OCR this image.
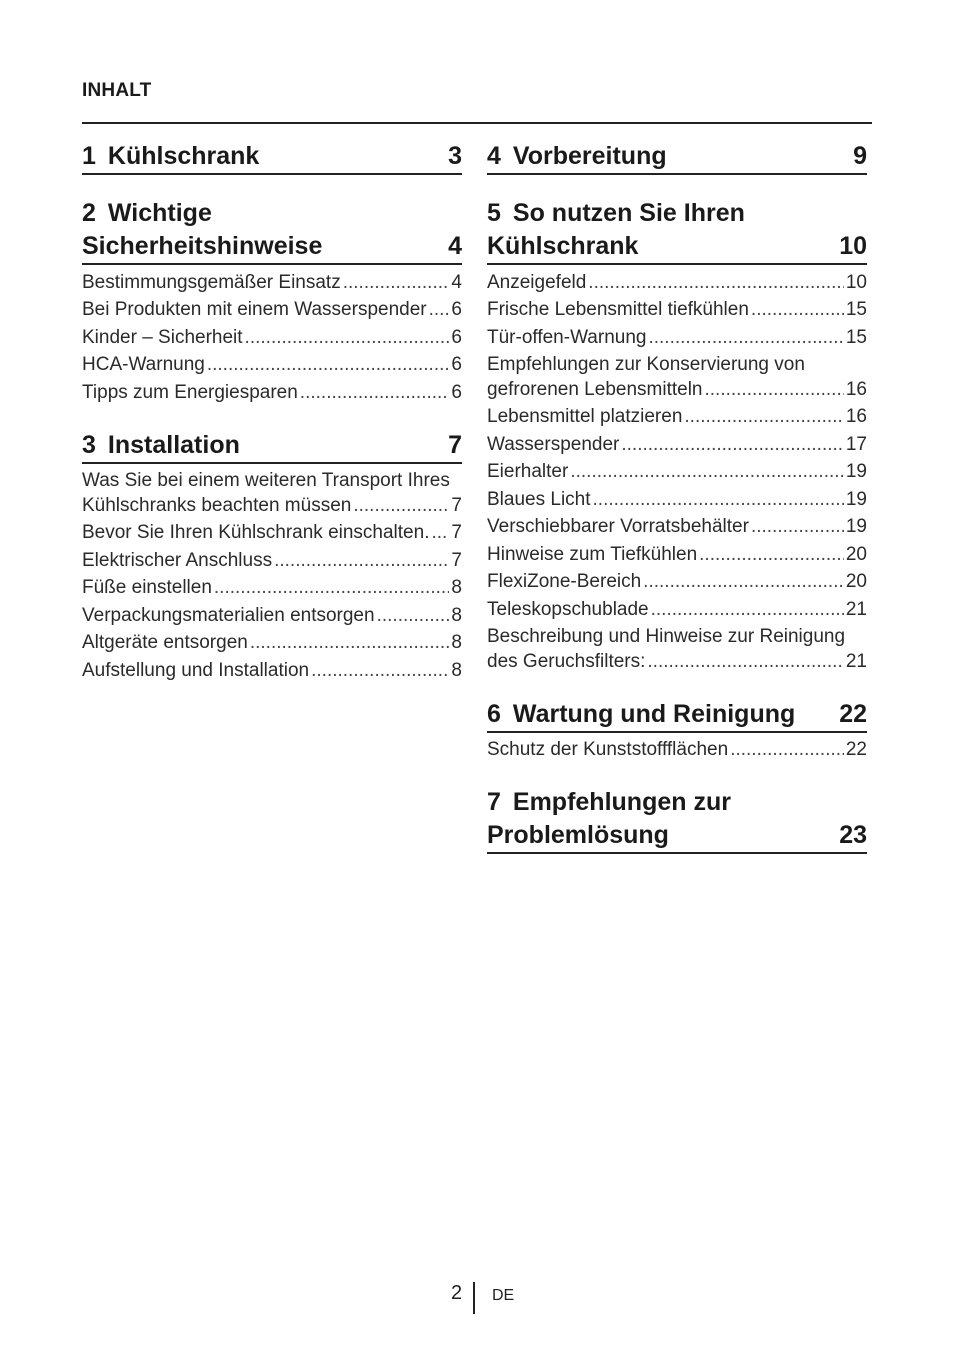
INHALT
1 Kühlschrank	3
2 Wichtige
Sicherheitshinweise	4
Bestimmungsgemäßer Einsatz .....	4
Bei Produkten mit einem Wasserspender ..... 6
Kinder – Sicherheit .....	6
HCA-Warnung .....	6
Tipps zum Energiesparen .....	6
3 Installation	7
Was Sie bei einem weiteren Transport Ihres
Kühlschranks beachten müssen .....	7
Bevor Sie Ihren Kühlschrank einschalten. ..... 7
Elektrischer Anschluss .....	7
Füße einstellen .....	8
Verpackungsmaterialien entsorgen .....	8
Altgeräte entsorgen .....	8
Aufstellung und Installation .....	8
4 Vorbereitung	9
5 So nutzen Sie Ihren
Kühlschrank	10
Anzeigefeld .....	10
Frische Lebensmittel tiefkühlen .....	15
Tür-offen-Warnung .....	15
Empfehlungen zur Konservierung von
gefrorenen Lebensmitteln .....	16
Lebensmittel platzieren .....	16
Wasserspender .....	17
Eierhalter .....	19
Blaues Licht .....	19
Verschiebbarer Vorratsbehälter .....	19
Hinweise zum Tiefkühlen .....	20
FlexiZone-Bereich .....	20
Teleskopschublade .....	21
Beschreibung und Hinweise zur Reinigung
des Geruchsfilters: .....	21
6 Wartung und Reinigung 22
Schutz der Kunststoffflächen .....	22
7 Empfehlungen zur
Problemlösung	23
2 DE
